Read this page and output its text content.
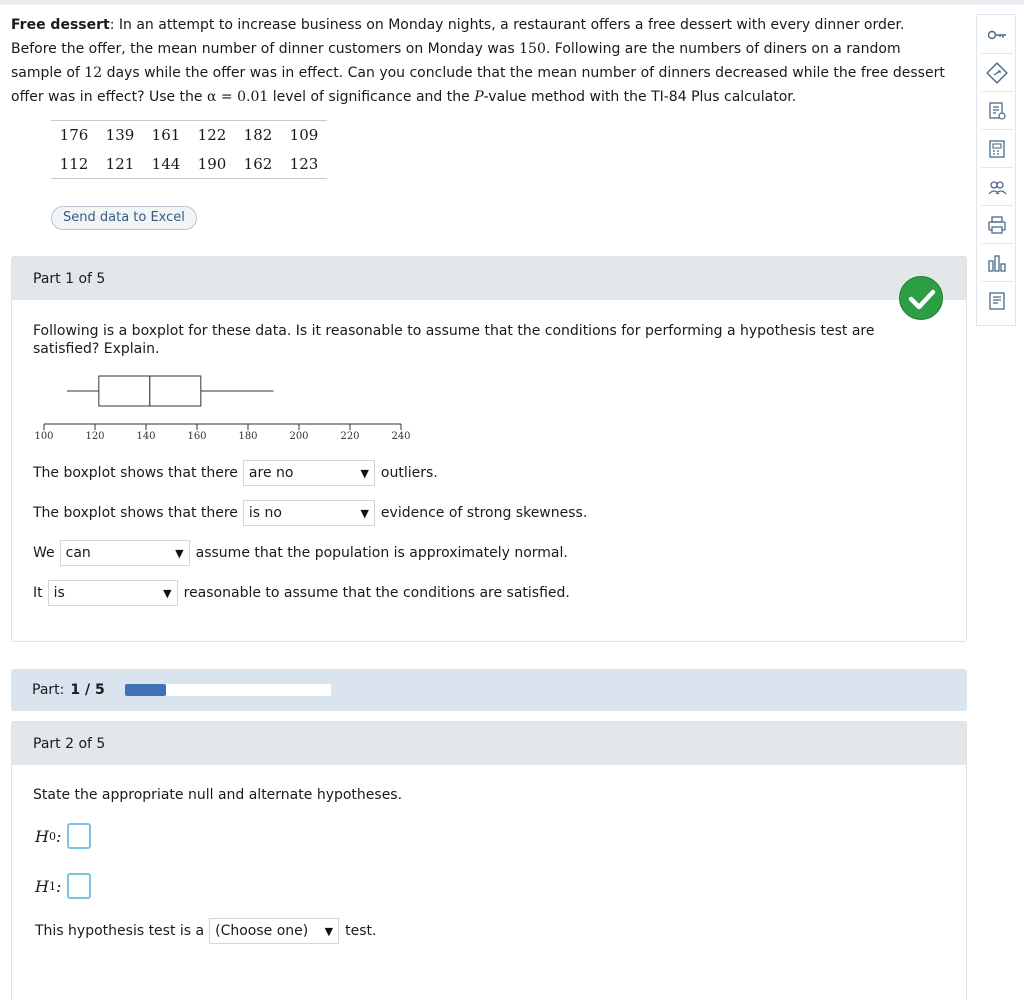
Free dessert: In an attempt to increase business on Monday nights, a restaurant offers a free dessert with every dinner order. Before the offer, the mean number of dinner customers on Monday was 150. Following are the numbers of diners on a random sample of 12 days while the offer was in effect. Can you conclude that the mean number of dinners decreased while the free dessert offer was in effect? Use the α = 0.01 level of significance and the P-value method with the TI-84 Plus calculator.
176	139	161	122	182	109
112	121	144	190	162	123
Send data to Excel
Part 1 of 5
Following is a boxplot for these data. Is it reasonable to assume that the conditions for performing a hypothesis test are satisfied? Explain.
100	120	140	160	180	200	220	240
The boxplot shows that there are no	▼ outliers.
The boxplot shows that there is no	▼ evidence of strong skewness.
We can	▼ assume that the population is approximately normal.
It is	▼ reasonable to assume that the conditions are satisfied.
Part: 1 / 5
Part 2 of 5
State the appropriate null and alternate hypotheses.
H 0 :
H 1 :
This hypothesis test is a (Choose one) ▼ test.
